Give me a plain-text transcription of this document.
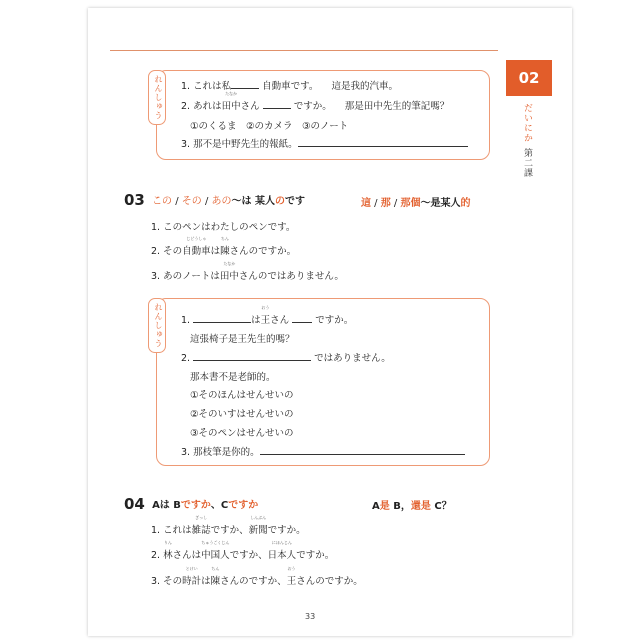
02
だいにか第二課
れんしゅう	1. これは私	自動車です。 這是我的汽車。
2. あれは
たなか
田中さん	ですか。 那是田中先生的筆記嗎？
①のくるま　②のカメラ　③のノート
3. 那不是中野先生的報紙。
03 この / その / あの～は 某人のです	這 / 那 / 那個～是某人的
1. このペンはわたしのペンです。
2. その
じどうしゃ
自動車は
ちん
陳さんのですか。
3. あのノートは
たなか
田中さんのではありません。
れんしゅう	1.	は
おう
王さん	ですか。
這張椅子是王先生的嗎？
2.	ではありません。
那本書不是老師的。
①そのほんはせんせいの
②そのいすはせんせいの
③そのペンはせんせいの
3. 那枝筆是你的。
04 Aは Bですか、Cですか	A是 B，還是 C？
1. これは
ざっし
雑誌ですか、
しんぶん
新聞ですか。
2.
りん
林さんは
ちゅうごくじん
中国人ですか、
にほんじん
日本人ですか。
3. その
とけい
時計は
ちん
陳さんのですか、
おう
王さんのですか。
33
